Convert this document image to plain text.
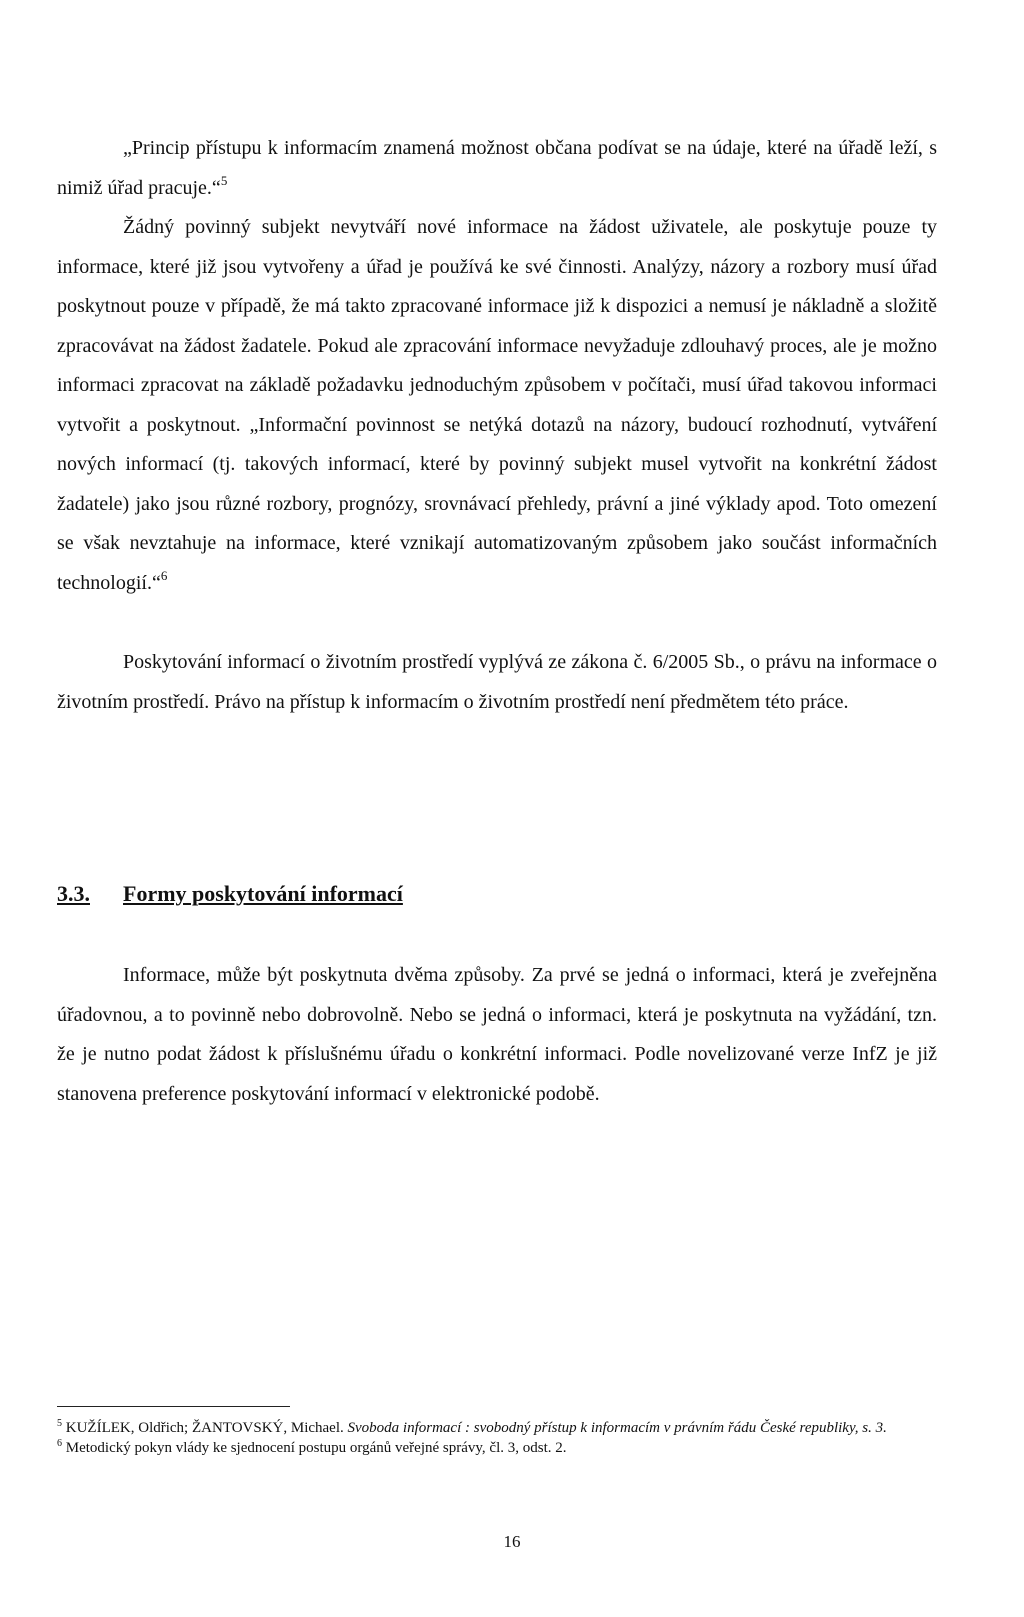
„Princip přístupu k informacím znamená možnost občana podívat se na údaje, které na úřadě leží, s nimiž úřad pracuje.“$^5$
Žádný povinný subjekt nevytváří nové informace na žádost uživatele, ale poskytuje pouze ty informace, které již jsou vytvořeny a úřad je používá ke své činnosti. Analýzy, názory a rozbory musí úřad poskytnout pouze v případě, že má takto zpracované informace již k dispozici a nemusí je nákladně a složitě zpracovávat na žádost žadatele. Pokud ale zpracování informace nevyžaduje zdlouhavý proces, ale je možno informaci zpracovat na základě požadavku jednoduchým způsobem v počítači, musí úřad takovou informaci vytvořit a poskytnout. „Informační povinnost se netýká dotazů na názory, budoucí rozhodnutí, vytváření nových informací (tj. takových informací, které by povinný subjekt musel vytvořit na konkrétní žádost žadatele) jako jsou různé rozbory, prognózy, srovnávací přehledy, právní a jiné výklady apod. Toto omezení se však nevztahuje na informace, které vznikají automatizovaným způsobem jako součást informačních technologií.“$^6$
Poskytování informací o životním prostředí vyplývá ze zákona č. 6/2005 Sb., o právu na informace o životním prostředí. Právo na přístup k informacím o životním prostředí není předmětem této práce.
3.3. Formy poskytování informací
Informace, může být poskytnuta dvěma způsoby. Za prvé se jedná o informaci, která je zveřejněna úřadovnou, a to povinně nebo dobrovolně. Nebo se jedná o informaci, která je poskytnuta na vyžádání, tzn. že je nutno podat žádost k příslušnému úřadu o konkrétní informaci. Podle novelizované verze InfZ je již stanovena preference poskytování informací v elektronické podobě.

$^5$ KUŽÍLEK, Oldřich; ŽANTOVSKÝ, Michael. Svoboda informací : svobodný přístup k informacím v právním řádu České republiky, s. 3.

$^6$ Metodický pokyn vlády ke sjednocení postupu orgánů veřejné správy, čl. 3, odst. 2.

16
